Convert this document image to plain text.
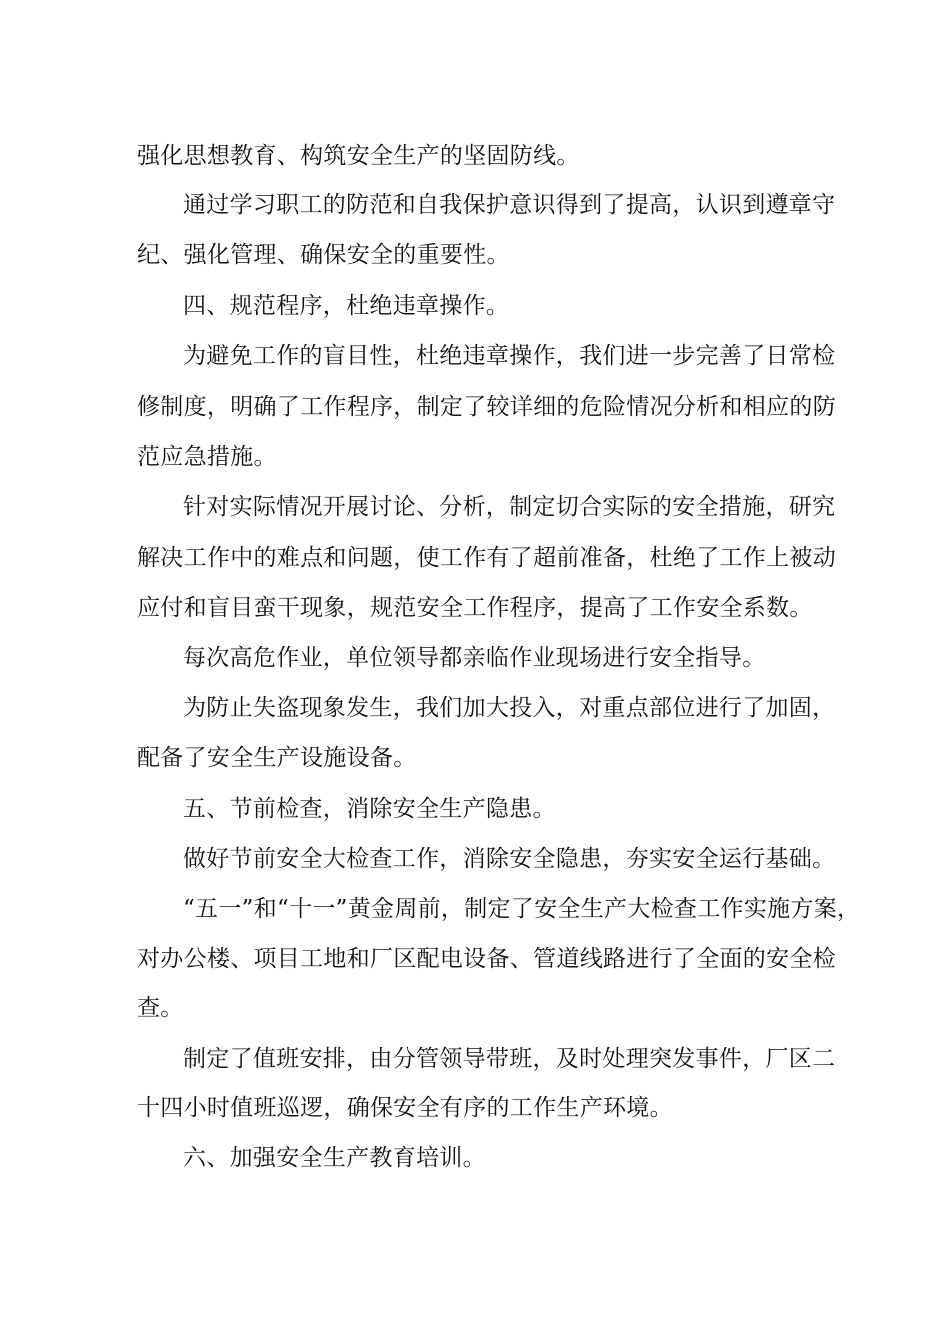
强化思想教育、构筑安全生产的坚固防线。
通过学习职工的防范和自我保护意识得到了提高，认识到遵章守
纪、强化管理、确保安全的重要性。
四、规范程序，杜绝违章操作。
为避免工作的盲目性，杜绝违章操作，我们进一步完善了日常检
修制度，明确了工作程序，制定了较详细的危险情况分析和相应的防
范应急措施。
针对实际情况开展讨论、分析，制定切合实际的安全措施，研究
解决工作中的难点和问题，使工作有了超前准备，杜绝了工作上被动
应付和盲目蛮干现象，规范安全工作程序，提高了工作安全系数。
每次高危作业，单位领导都亲临作业现场进行安全指导。
为防止失盗现象发生，我们加大投入，对重点部位进行了加固，
配备了安全生产设施设备。
五、节前检查，消除安全生产隐患。
做好节前安全大检查工作，消除安全隐患，夯实安全运行基础。
“五一”和“十一”黄金周前，制定了安全生产大检查工作实施方案，
对办公楼、项目工地和厂区配电设备、管道线路进行了全面的安全检
查。
制定了值班安排，由分管领导带班，及时处理突发事件，厂区二
十四小时值班巡逻，确保安全有序的工作生产环境。
六、加强安全生产教育培训。
